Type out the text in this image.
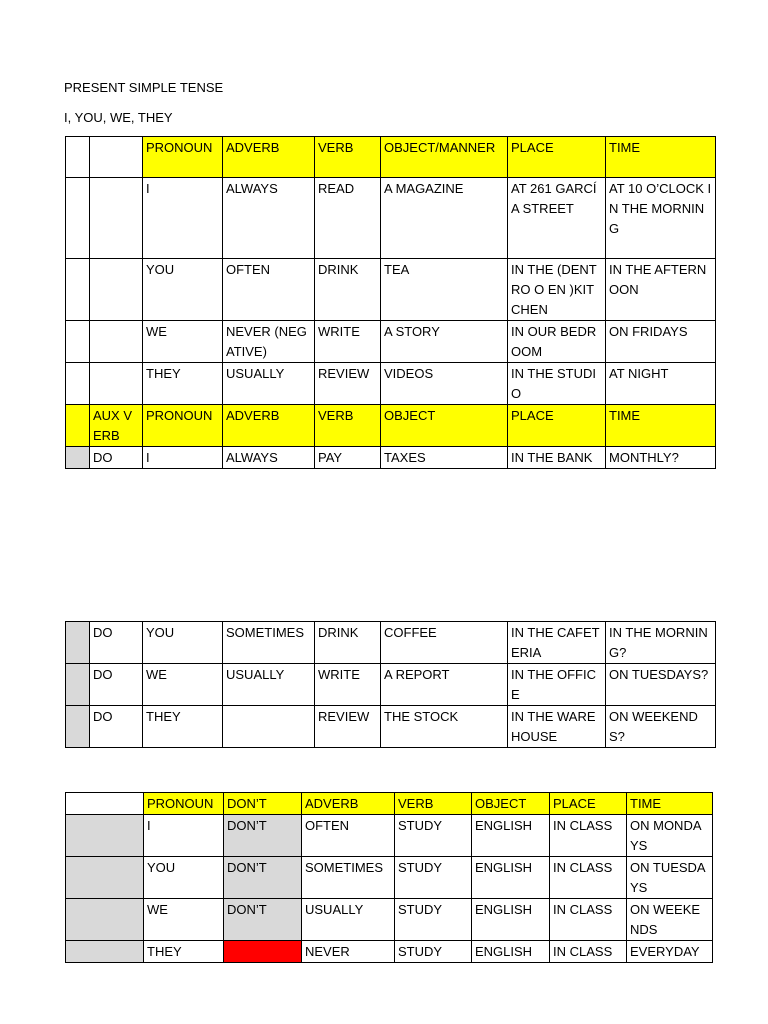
PRESENT SIMPLE TENSE

I, YOU, WE, THEY

		PRONOUN	ADVERB	VERB	OBJECT/MANNER	PLACE	TIME
		I	ALWAYS	READ	A MAGAZINE	AT 261 GARCÍA STREET	AT 10 O’CLOCK IN THE MORNING
		YOU	OFTEN	DRINK	TEA	IN THE (DENTRO O EN )KITCHEN	IN THE AFTERNOON
		WE	NEVER (NEGATIVE)	WRITE	A STORY	IN OUR BEDROOM	ON FRIDAYS
		THEY	USUALLY	REVIEW	VIDEOS	IN THE STUDIO	AT NIGHT
	AUX VERB	PRONOUN	ADVERB	VERB	OBJECT	PLACE	TIME
	DO	I	ALWAYS	PAY	TAXES	IN THE BANK	MONTHLY?
	DO	YOU	SOMETIMES	DRINK	COFFEE	IN THE CAFETERIA	IN THE MORNING?
	DO	WE	USUALLY	WRITE	A REPORT	IN THE OFFICE	ON TUESDAYS?
	DO	THEY		REVIEW	THE STOCK	IN THE WAREHOUSE	ON WEEKENDS?
	PRONOUN	DON’T	ADVERB	VERB	OBJECT	PLACE	TIME
	I	DON’T	OFTEN	STUDY	ENGLISH	IN CLASS	ON MONDAYS
	YOU	DON’T	SOMETIMES	STUDY	ENGLISH	IN CLASS	ON TUESDAYS
	WE	DON’T	USUALLY	STUDY	ENGLISH	IN CLASS	ON WEEKENDS
	THEY		NEVER	STUDY	ENGLISH	IN CLASS	EVERYDAY
